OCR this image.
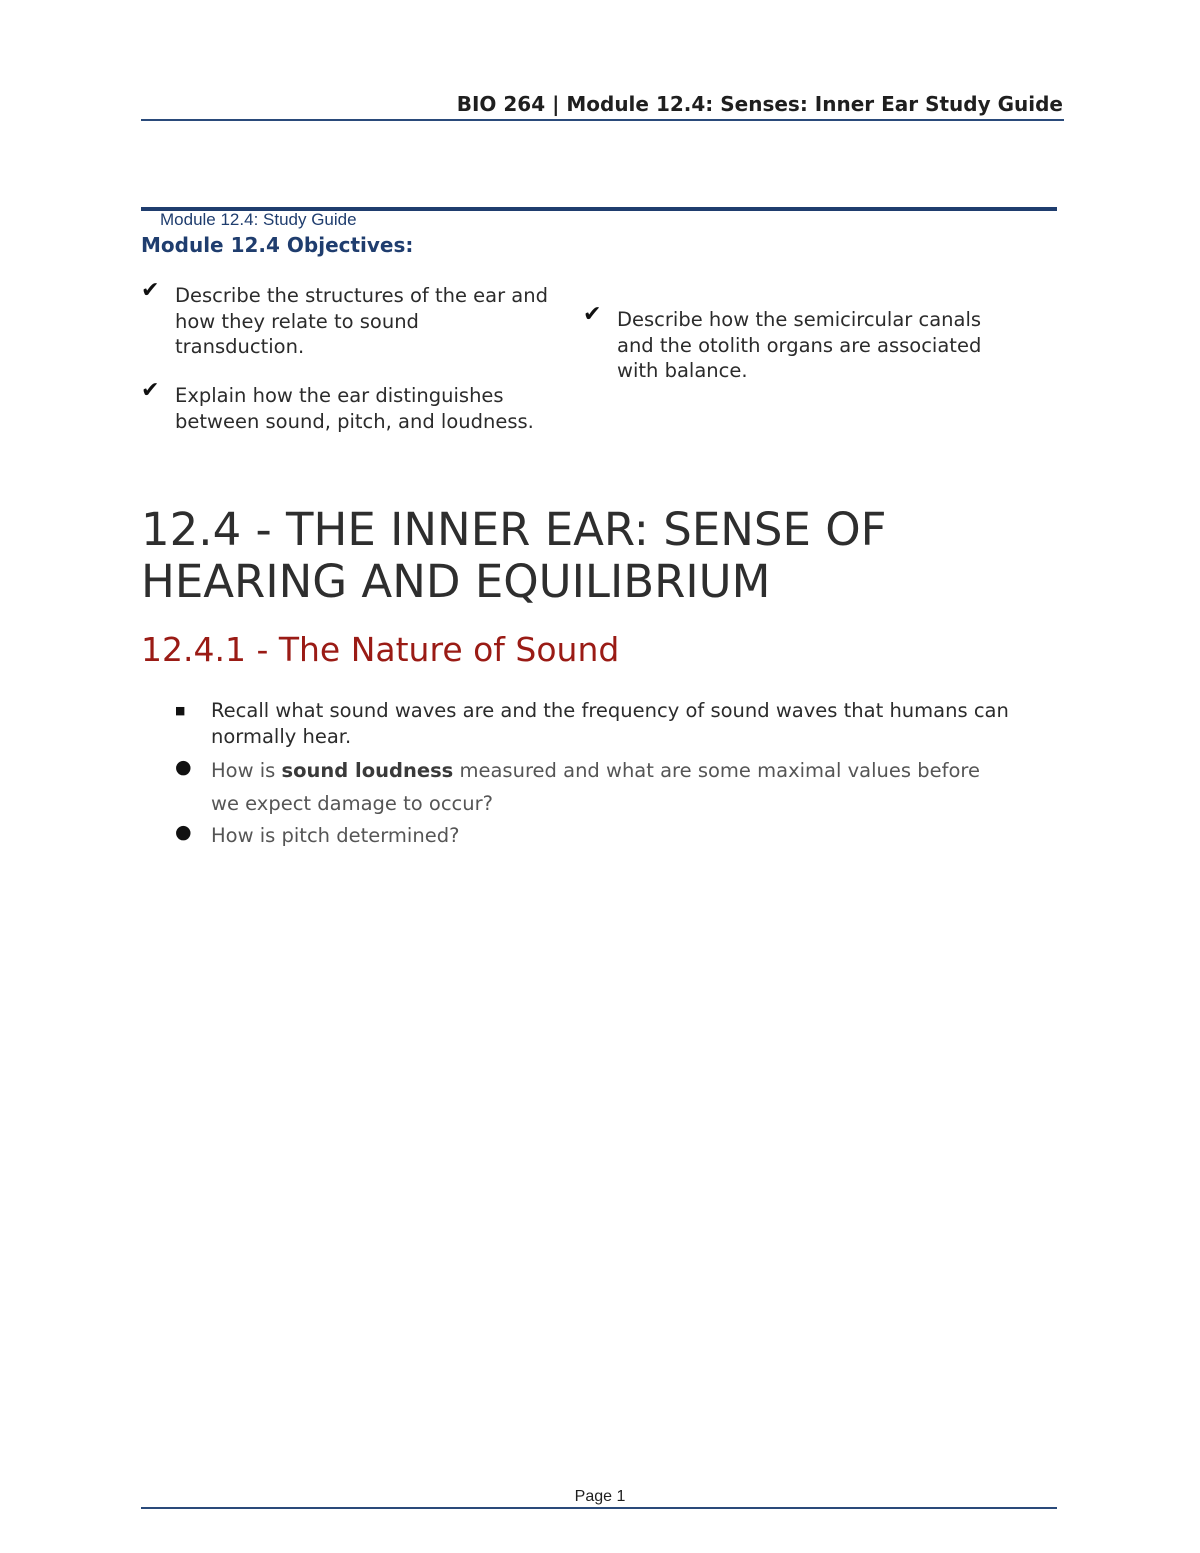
BIO 264 | Module 12.4: Senses: Inner Ear Study Guide
Module 12.4: Study Guide
Module 12.4 Objectives:
✔ Describe the structures of the ear and how they relate to sound transduction.
✔ Explain how the ear distinguishes between sound, pitch, and loudness.
✔ Describe how the semicircular canals and the otolith organs are associated with balance.
12.4 - THE INNER EAR: SENSE OF HEARING AND EQUILIBRIUM
12.4.1 - The Nature of Sound
■	Recall what sound waves are and the frequency of sound waves that humans can normally hear.
● How is sound loudness measured and what are some maximal values before we expect damage to occur?
● How is pitch determined?
Page 1
